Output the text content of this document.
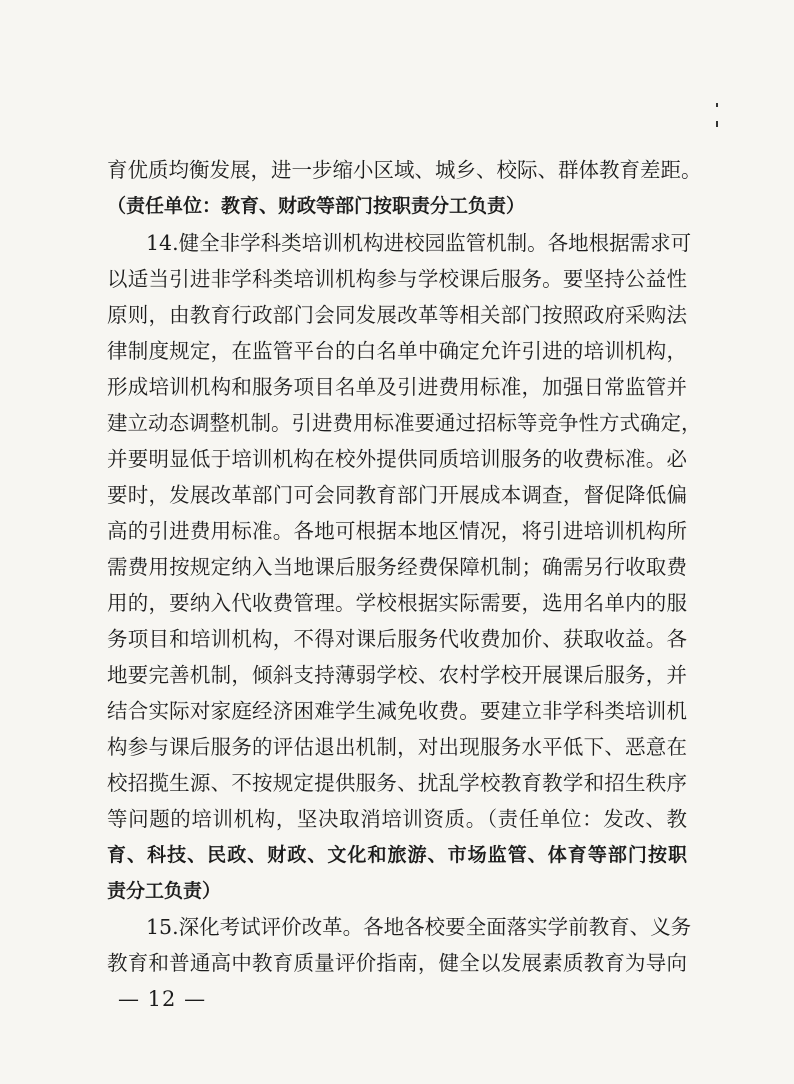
育优质均衡发展，进一步缩小区域、城乡、校际、群体教育差距。
（责任单位：教育、财政等部门按职责分工负责）
14.健全非学科类培训机构进校园监管机制。各地根据需求可
以适当引进非学科类培训机构参与学校课后服务。要坚持公益性
原则，由教育行政部门会同发展改革等相关部门按照政府采购法
律制度规定，在监管平台的白名单中确定允许引进的培训机构，
形成培训机构和服务项目名单及引进费用标准，加强日常监管并
建立动态调整机制。引进费用标准要通过招标等竞争性方式确定，
并要明显低于培训机构在校外提供同质培训服务的收费标准。必
要时，发展改革部门可会同教育部门开展成本调查，督促降低偏
高的引进费用标准。各地可根据本地区情况，将引进培训机构所
需费用按规定纳入当地课后服务经费保障机制；确需另行收取费
用的，要纳入代收费管理。学校根据实际需要，选用名单内的服
务项目和培训机构，不得对课后服务代收费加价、获取收益。各
地要完善机制，倾斜支持薄弱学校、农村学校开展课后服务，并
结合实际对家庭经济困难学生减免收费。要建立非学科类培训机
构参与课后服务的评估退出机制，对出现服务水平低下、恶意在
校招揽生源、不按规定提供服务、扰乱学校教育教学和招生秩序
等问题的培训机构，坚决取消培训资质。（责任单位：发改、教
育、科技、民政、财政、文化和旅游、市场监管、体育等部门按职
责分工负责）
15.深化考试评价改革。各地各校要全面落实学前教育、义务
教育和普通高中教育质量评价指南，健全以发展素质教育为导向
— 12 —
